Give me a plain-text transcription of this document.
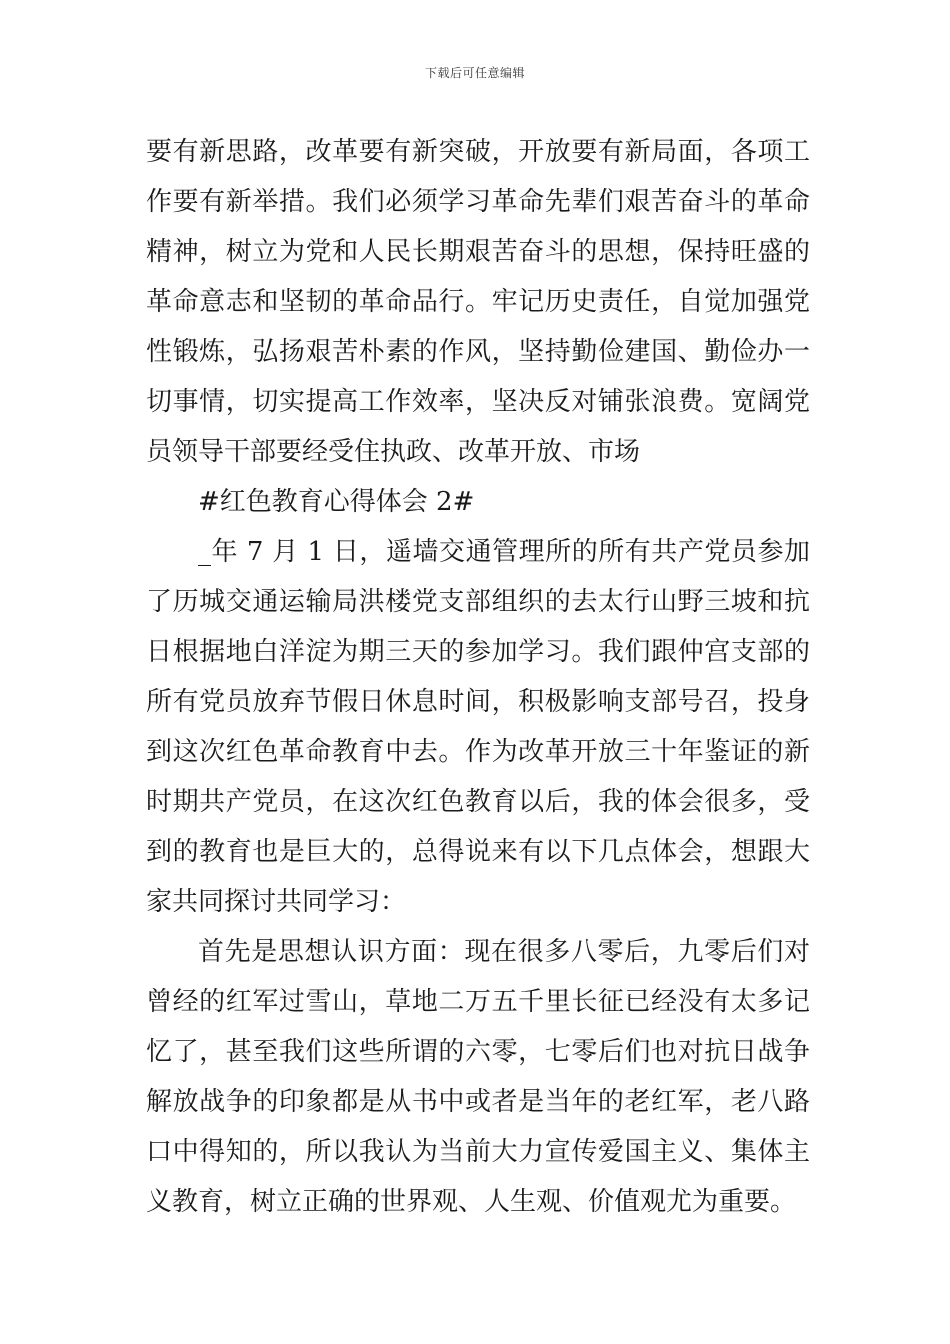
下载后可任意编辑

要有新思路，改革要有新突破，开放要有新局面，各项工作要有新举措。我们必须学习革命先辈们艰苦奋斗的革命精神，树立为党和人民长期艰苦奋斗的思想，保持旺盛的革命意志和坚韧的革命品行。牢记历史责任，自觉加强党性锻炼，弘扬艰苦朴素的作风，坚持勤俭建国、勤俭办一切事情，切实提高工作效率，坚决反对铺张浪费。宽阔党员领导干部要经受住执政、改革开放、市场

#红色教育心得体会 2#

_年 7 月 1 日，遥墙交通管理所的所有共产党员参加了历城交通运输局洪楼党支部组织的去太行山野三坡和抗日根据地白洋淀为期三天的参加学习。我们跟仲宫支部的所有党员放弃节假日休息时间，积极影响支部号召，投身到这次红色革命教育中去。作为改革开放三十年鉴证的新时期共产党员，在这次红色教育以后，我的体会很多，受到的教育也是巨大的，总得说来有以下几点体会，想跟大家共同探讨共同学习：

首先是思想认识方面：现在很多八零后，九零后们对曾经的红军过雪山，草地二万五千里长征已经没有太多记忆了，甚至我们这些所谓的六零，七零后们也对抗日战争解放战争的印象都是从书中或者是当年的老红军，老八路口中得知的，所以我认为当前大力宣传爱国主义、集体主义教育，树立正确的世界观、人生观、价值观尤为重要。
